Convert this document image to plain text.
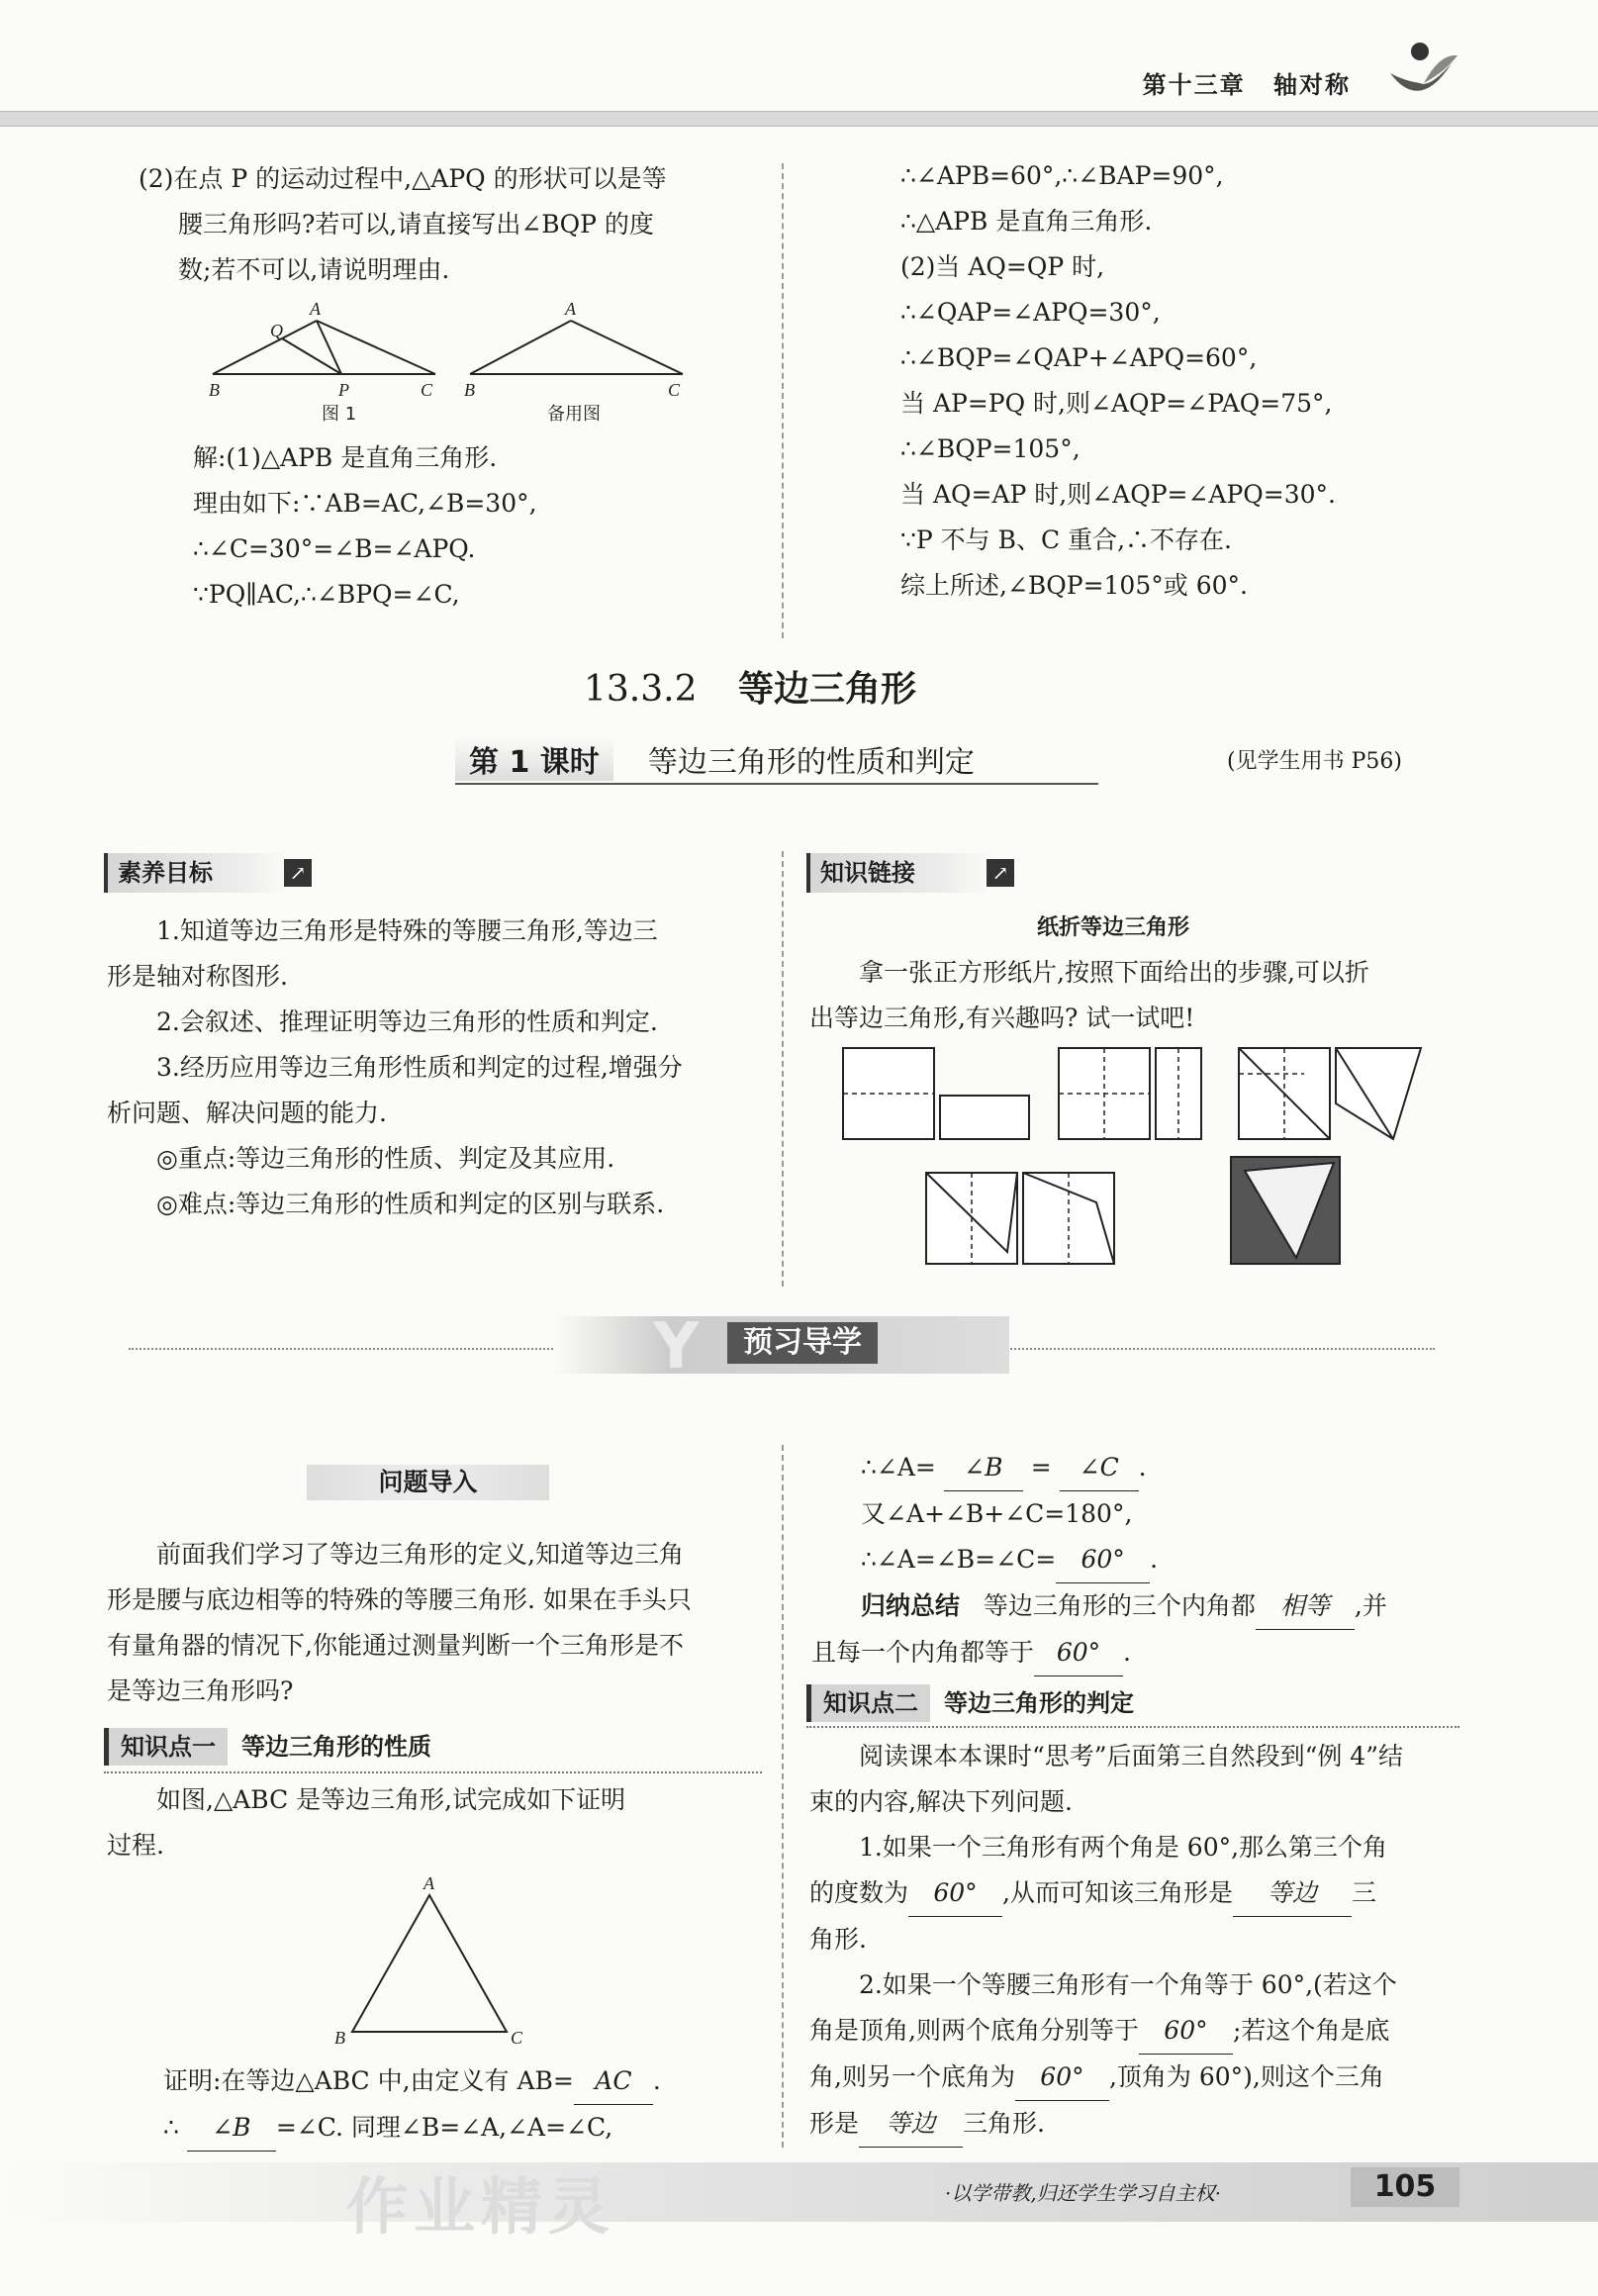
第十三章 轴对称
(2)在点 P 的运动过程中,△APQ 的形状可以是等
腰三角形吗?若可以,请直接写出∠BQP 的度
数;若不可以,请说明理由.
A
Q
B	P	C
图 1
A
B	C
备用图
解:(1)△APB 是直角三角形.
理由如下:∵AB=AC,∠B=30°,
∴∠C=30°=∠B=∠APQ.
∵PQ∥AC,∴∠BPQ=∠C,
∴∠APB=60°,∴∠BAP=90°,
∴△APB 是直角三角形.
(2)当 AQ=QP 时,
∴∠QAP=∠APQ=30°,
∴∠BQP=∠QAP+∠APQ=60°,
当 AP=PQ 时,则∠AQP=∠PAQ=75°,
∴∠BQP=105°,
当 AQ=AP 时,则∠AQP=∠APQ=30°.
∵P 不与 B、C 重合,∴不存在.
综上所述,∠BQP=105°或 60°.
13.3.2 等边三角形
第 1 课时 等边三角形的性质和判定	(见学生用书 P56)
素养目标	↗
1.知道等边三角形是特殊的等腰三角形,等边三
形是轴对称图形.
2.会叙述、推理证明等边三角形的性质和判定.
3.经历应用等边三角形性质和判定的过程,增强分
析问题、解决问题的能力.
◎重点:等边三角形的性质、判定及其应用.
◎难点:等边三角形的性质和判定的区别与联系.
知识链接	↗
纸折等边三角形
拿一张正方形纸片,按照下面给出的步骤,可以折
出等边三角形,有兴趣吗? 试一试吧!
Y	预习导学
问题导入
前面我们学习了等边三角形的定义,知道等边三角
形是腰与底边相等的特殊的等腰三角形. 如果在手头只
有量角器的情况下,你能通过测量判断一个三角形是不
是等边三角形吗?
知识点一 等边三角形的性质
如图,△ABC 是等边三角形,试完成如下证明
过程.
A
B	C
证明:在等边△ABC 中,由定义有 AB= AC .
∴ ∠B =∠C. 同理∠B=∠A,∠A=∠C,
∴∠A= ∠B = ∠C .
又∠A+∠B+∠C=180°,
∴∠A=∠B=∠C= 60° .
归纳总结 等边三角形的三个内角都 相等 ,并
且每一个内角都等于 60° .
知识点二 等边三角形的判定
阅读课本本课时“思考”后面第三自然段到“例 4”结
束的内容,解决下列问题.
1.如果一个三角形有两个角是 60°,那么第三个角
的度数为 60° ,从而可知该三角形是 等边 三
角形.
2.如果一个等腰三角形有一个角等于 60°,(若这个
角是顶角,则两个底角分别等于 60° ;若这个角是底
角,则另一个底角为 60° ,顶角为 60°),则这个三角
形是 等边 三角形.
作业精灵	·以学带教,归还学生学习自主权·	105
